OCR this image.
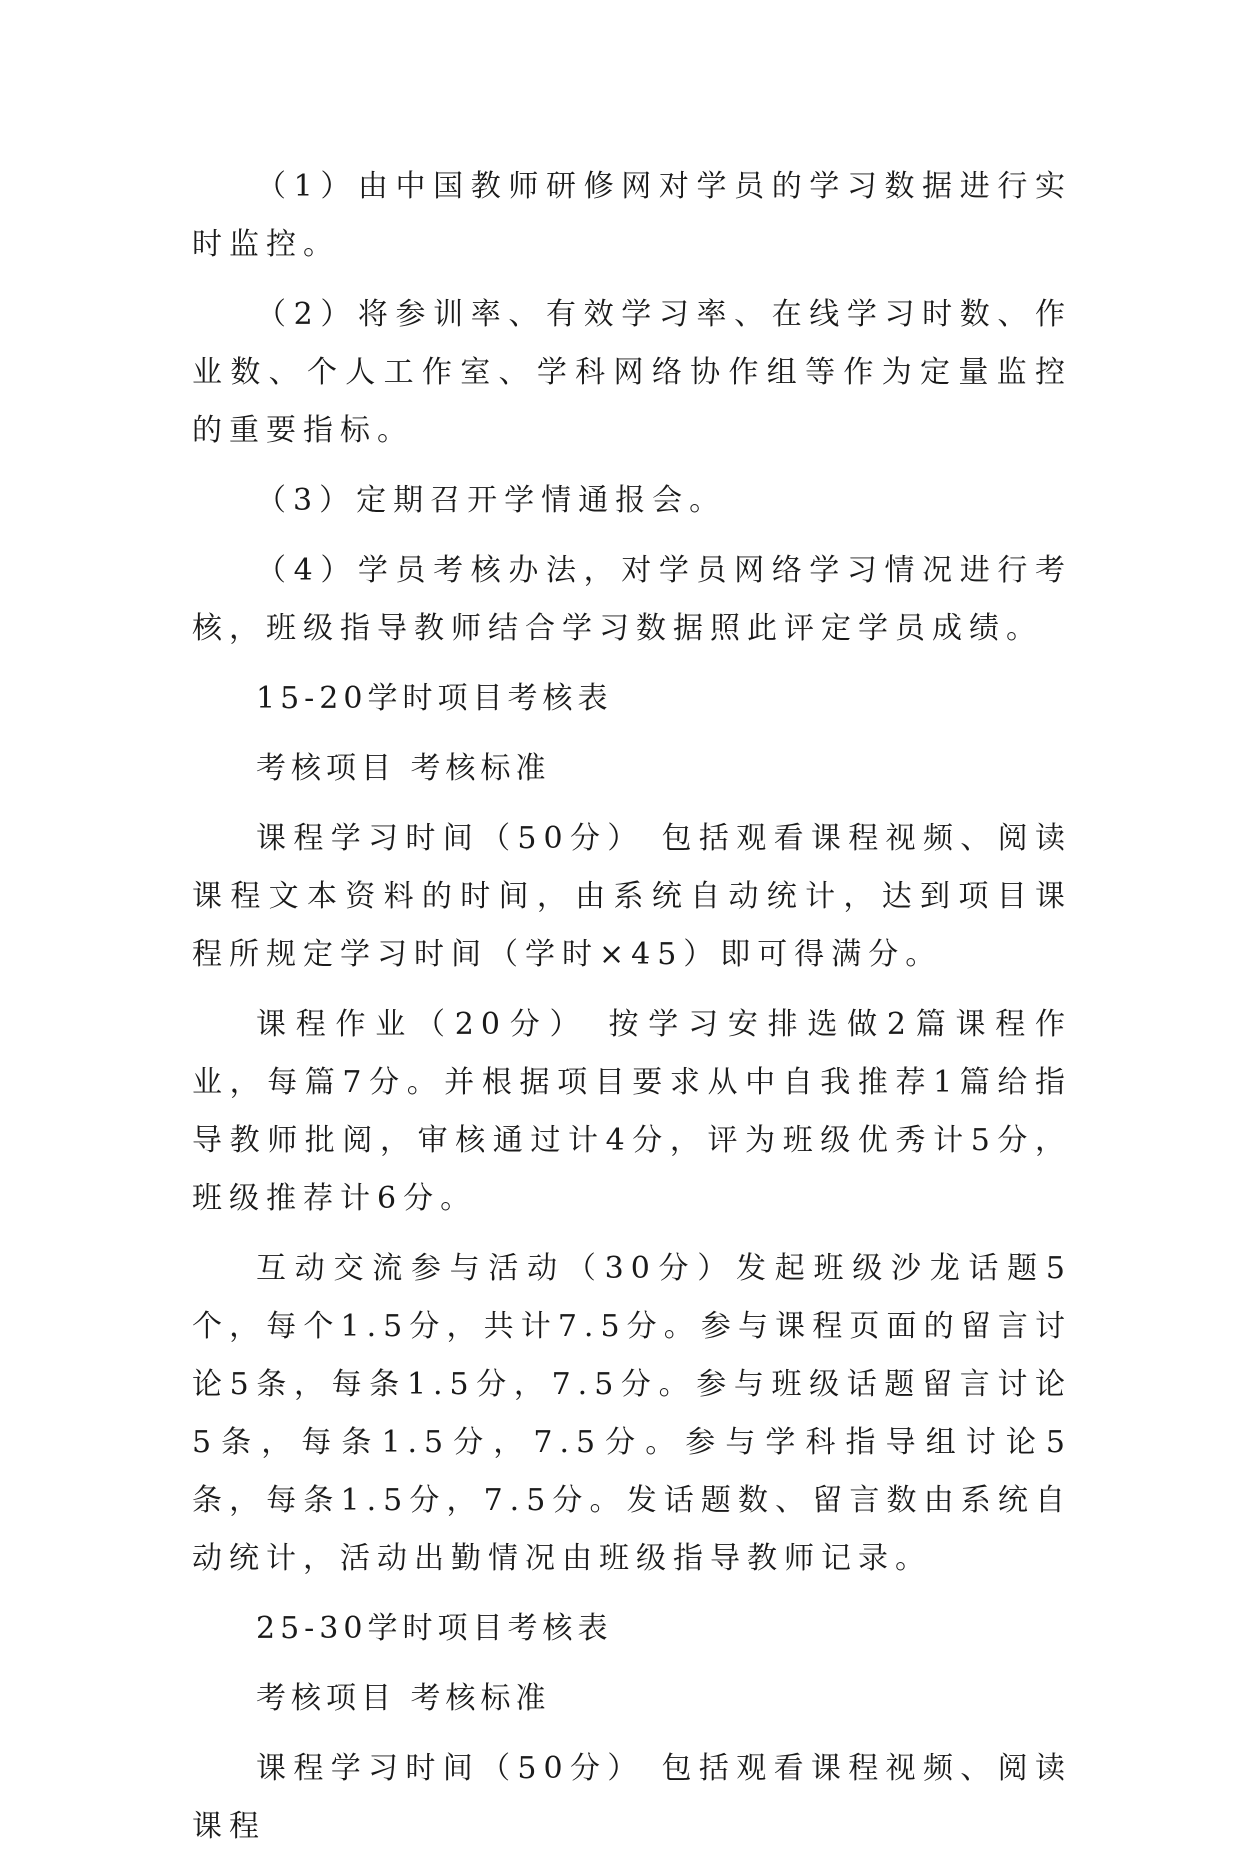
（1）由中国教师研修网对学员的学习数据进行实时监控。

（2）将参训率、有效学习率、在线学习时数、作业数、个人工作室、学科网络协作组等作为定量监控的重要指标。

（3）定期召开学情通报会。

（4）学员考核办法，对学员网络学习情况进行考核，班级指导教师结合学习数据照此评定学员成绩。

15-20学时项目考核表

考核项目 考核标准

课程学习时间（50分） 包括观看课程视频、阅读课程文本资料的时间，由系统自动统计，达到项目课程所规定学习时间（学时×45）即可得满分。

课程作业（20分） 按学习安排选做2篇课程作业，每篇7分。并根据项目要求从中自我推荐1篇给指导教师批阅，审核通过计4分，评为班级优秀计5分，班级推荐计6分。

互动交流参与活动（30分）发起班级沙龙话题5个，每个1.5分，共计7.5分。参与课程页面的留言讨论5条，每条1.5分，7.5分。参与班级话题留言讨论5条，每条1.5分，7.5分。参与学科指导组讨论5条，每条1.5分，7.5分。发话题数、留言数由系统自动统计，活动出勤情况由班级指导教师记录。

25-30学时项目考核表

考核项目 考核标准

课程学习时间（50分） 包括观看课程视频、阅读课程
